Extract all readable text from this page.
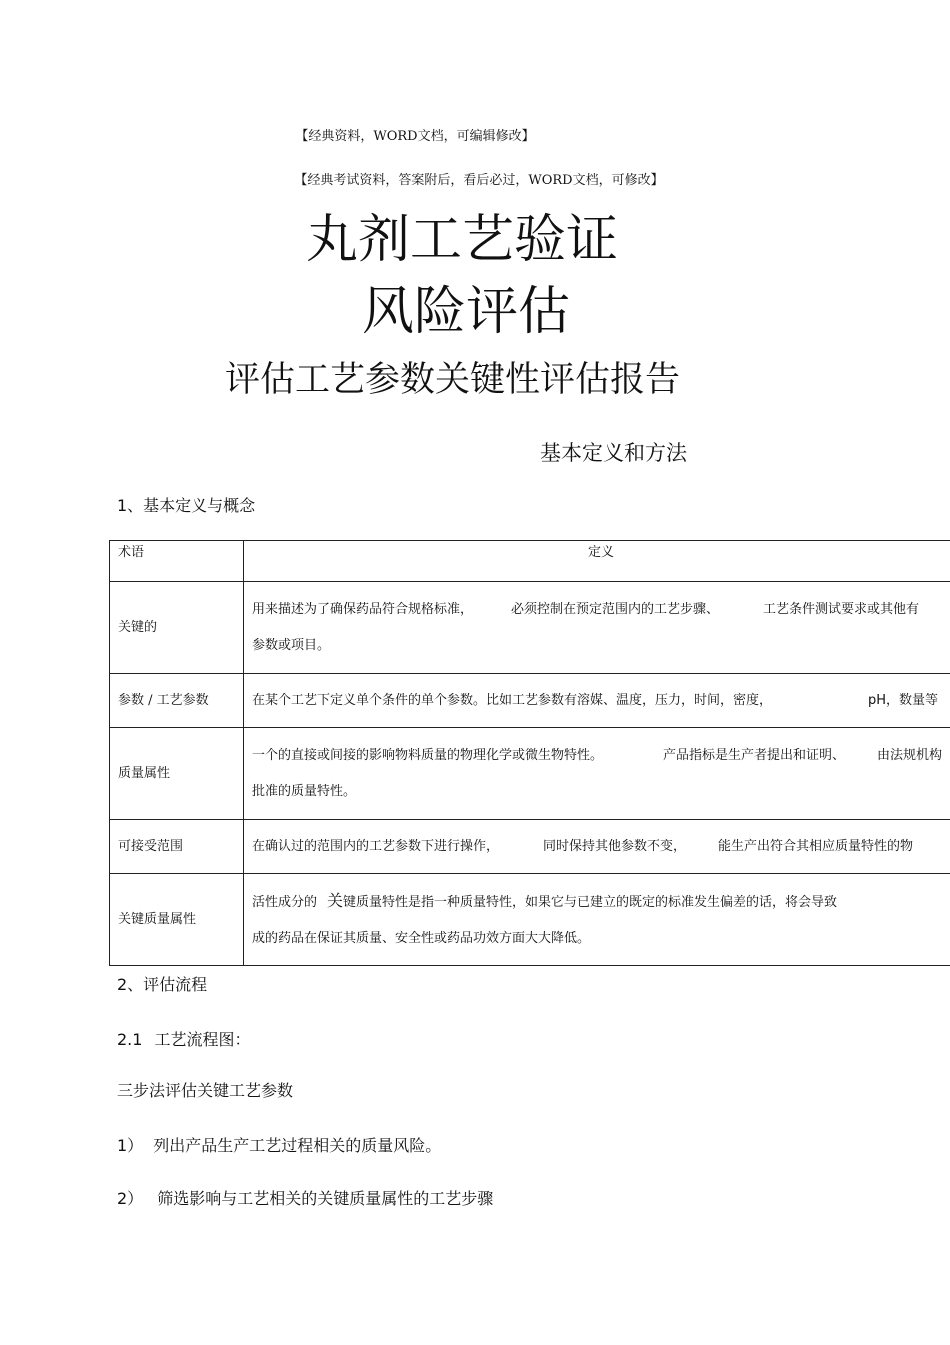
【经典资料，WORD文档，可编辑修改】
【经典考试资料，答案附后，看后必过，WORD文档，可修改】
丸剂工艺验证
风险评估
评估工艺参数关键性评估报告
基本定义和方法
1、基本定义与概念
术语	定义
关键的	用来描述为了确保药品符合规格标准， 必须控制在预定范围内的工艺步骤、 工艺条件测试要求或其他有
参数或项目。

参数 / 工艺参数	在某个工艺下定义单个条件的单个参数。比如工艺参数有溶媒、温度，压力，时间，密度， pH，数量等

质量属性	一个的直接或间接的影响物料质量的物理化学或微生物特性。 产品指标是生产者提出和证明、 由法规机构
批准的质量特性。

可接受范围	在确认过的范围内的工艺参数下进行操作， 同时保持其他参数不变， 能生产出符合其相应质量特性的物

关键质量属性	活性成分的 关键质量特性是指一种质量特性，如果它与已建立的既定的标准发生偏差的话，将会导致
成的药品在保证其质量、安全性或药品功效方面大大降低。
2、评估流程
2.1 工艺流程图：
三步法评估关键工艺参数
1） 列出产品生产工艺过程相关的质量风险。
2） 筛选影响与工艺相关的关键质量属性的工艺步骤
